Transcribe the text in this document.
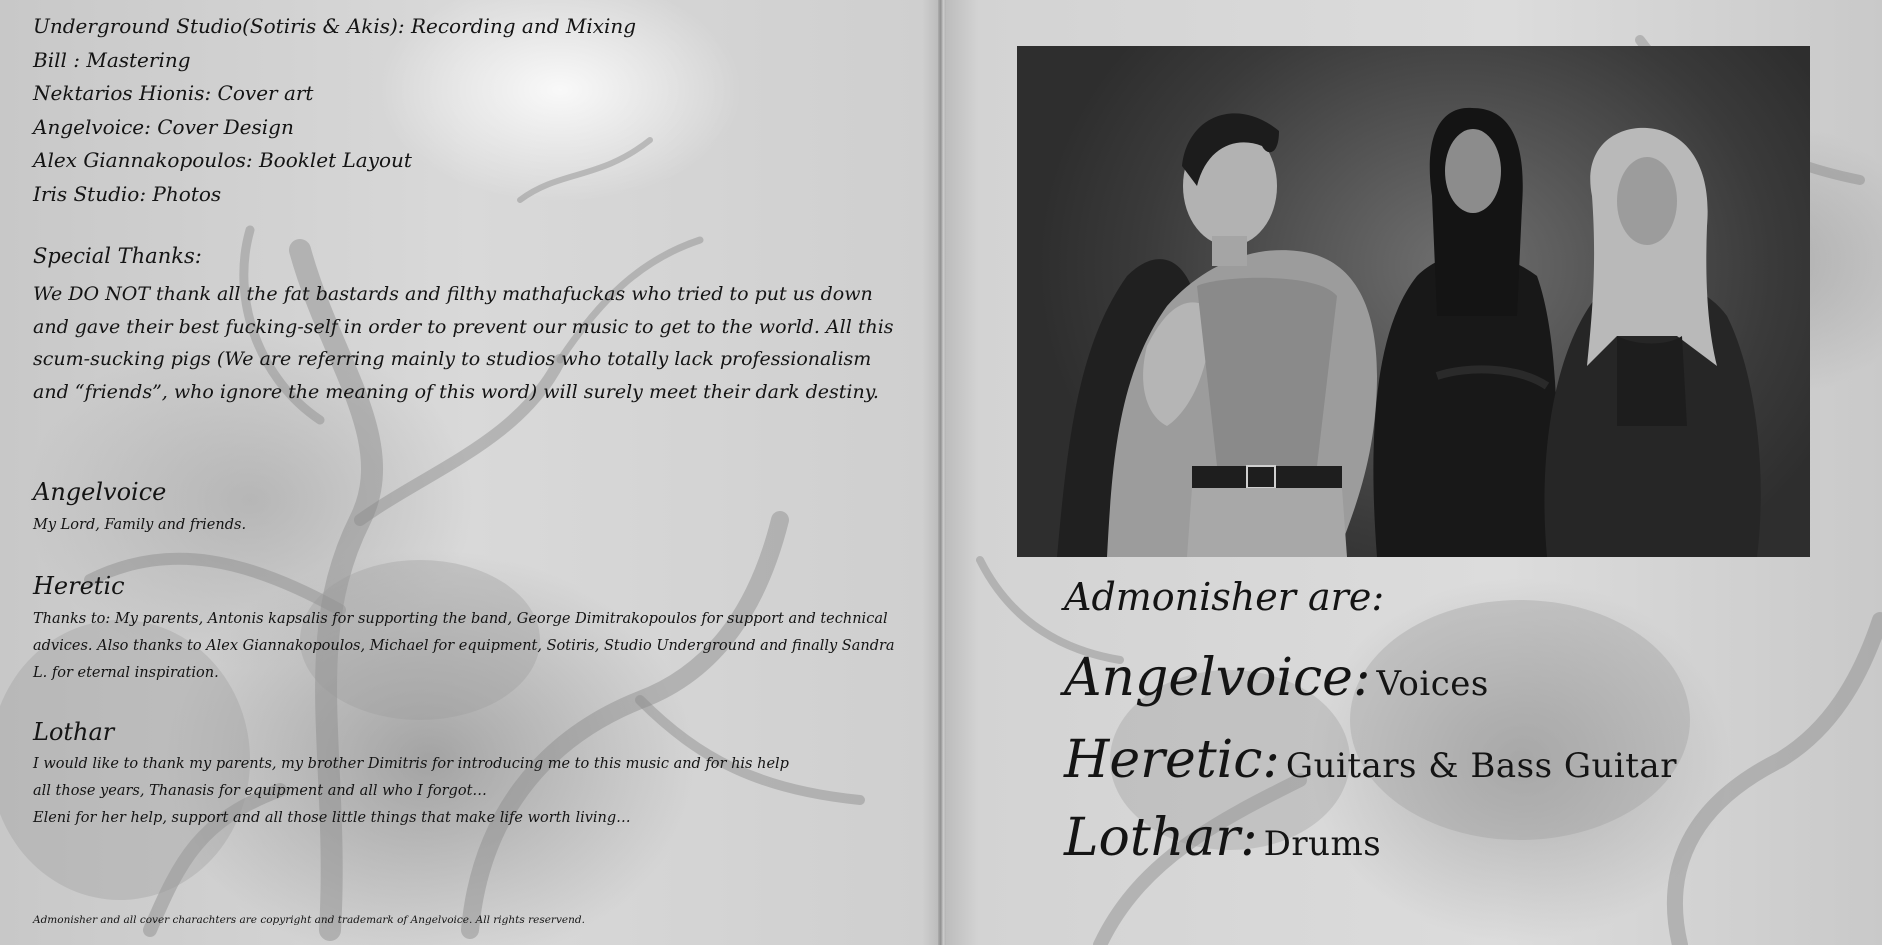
Underground Studio(Sotiris & Akis): Recording and Mixing
Bill : Mastering
Nektarios Hionis: Cover art
Angelvoice: Cover Design
Alex Giannakopoulos: Booklet Layout
Iris Studio: Photos
Special Thanks:
We DO NOT thank all the fat bastards and filthy mathafuckas who tried to put us down and gave their best fucking-self in order to prevent our music to get to the world. All this scum-sucking pigs (We are referring mainly to studios who totally lack professionalism and “friends”, who ignore the meaning of this word) will surely meet their dark destiny.
Angelvoice
My Lord, Family and friends.
Heretic
Thanks to: My parents, Antonis kapsalis for supporting the band, George Dimitrakopoulos for support and technical advices. Also thanks to Alex Giannakopoulos, Michael for equipment, Sotiris, Studio Underground and finally Sandra L. for eternal inspiration.
Lothar
I would like to thank my parents, my brother Dimitris for introducing me to this music and for his help
all those years, Thanasis for equipment and all who I forgot…
Eleni for her help, support and all those little things that make life worth living…
Admonisher and all cover charachters are copyright and trademark of Angelvoice. All rights reservend.
Admonisher are:
Angelvoice: Voices
Heretic: Guitars & Bass Guitar
Lothar: Drums
